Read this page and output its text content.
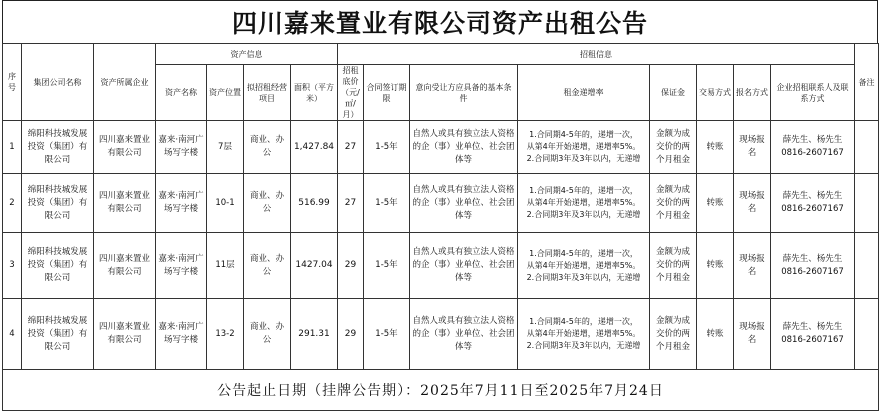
四川嘉来置业有限公司资产出租公告
序号	集团公司名称	资产所属企业	资产信息				招租信息								备注
			资产名称	资产位置	拟招租经营项目	面积（平方米）	招租底价（元/㎡/月）	合同签订期限	意向受让方应具备的基本条件	租金递增率	保证金	交易方式	报名方式	企业招租联系人及联系方式	
1	绵阳科技城发展投资（集团）有限公司	四川嘉来置业有限公司	嘉来·南河广场写字楼	7层	商业、办公	1,427.84	27	1-5年	自然人或具有独立法人资格的企（事）业单位、社会团体等	1.合同期4-5年的，递增一次，
从第4年开始递增，递增率5%。
2.合同期3年及3年以内，无递增	金额为成交价的两个月租金	转账	现场报名	薛先生、杨先生
0816-2607167	

2	绵阳科技城发展投资（集团）有限公司	四川嘉来置业有限公司	嘉来·南河广场写字楼	10-1	商业、办公	516.99	27	1-5年	自然人或具有独立法人资格的企（事）业单位、社会团体等	1.合同期4-5年的，递增一次，
从第4年开始递增，递增率5%。
2.合同期3年及3年以内，无递增	金额为成交价的两个月租金	转账	现场报名	薛先生、杨先生
0816-2607167	

3	绵阳科技城发展投资（集团）有限公司	四川嘉来置业有限公司	嘉来·南河广场写字楼	11层	商业、办公	1427.04	29	1-5年	自然人或具有独立法人资格的企（事）业单位、社会团体等	1.合同期4-5年的，递增一次，
从第4年开始递增，递增率5%。
2.合同期3年及3年以内，无递增	金额为成交价的两个月租金	转账	现场报名	薛先生、杨先生
0816-2607167	

4	绵阳科技城发展投资（集团）有限公司	四川嘉来置业有限公司	嘉来·南河广场写字楼	13-2	商业、办公	291.31	29	1-5年	自然人或具有独立法人资格的企（事）业单位、社会团体等	1.合同期4-5年的，递增一次，
从第4年开始递增，递增率5%。
2.合同期3年及3年以内，无递增	金额为成交价的两个月租金	转账	现场报名	薛先生、杨先生
0816-2607167	

公告起止日期（挂牌公告期）：2025年7月11日至2025年7月24日															
